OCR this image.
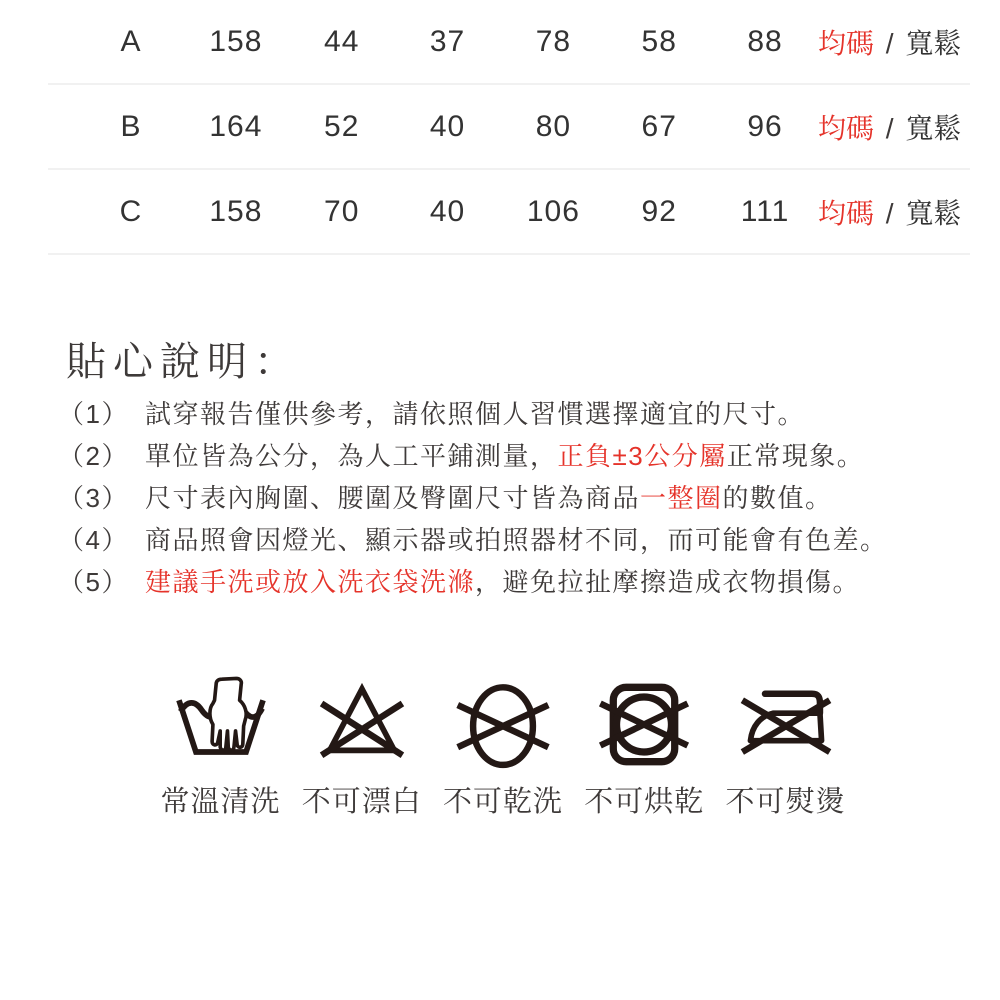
A	158	44	37	78	58	88	均碼 / 寬鬆
B	164	52	40	80	67	96	均碼 / 寬鬆
C	158	70	40	106	92	111	均碼 / 寬鬆
貼心說明：
（1） 試穿報告僅供參考，請依照個人習慣選擇適宜的尺寸。
（2） 單位皆為公分，為人工平鋪測量，正負±3公分屬正常現象。
（3） 尺寸表內胸圍、腰圍及臀圍尺寸皆為商品一整圈的數值。
（4） 商品照會因燈光、顯示器或拍照器材不同，而可能會有色差。
（5） 建議手洗或放入洗衣袋洗滌，避免拉扯摩擦造成衣物損傷。
常溫清洗 不可漂白 不可乾洗 不可烘乾 不可熨燙
